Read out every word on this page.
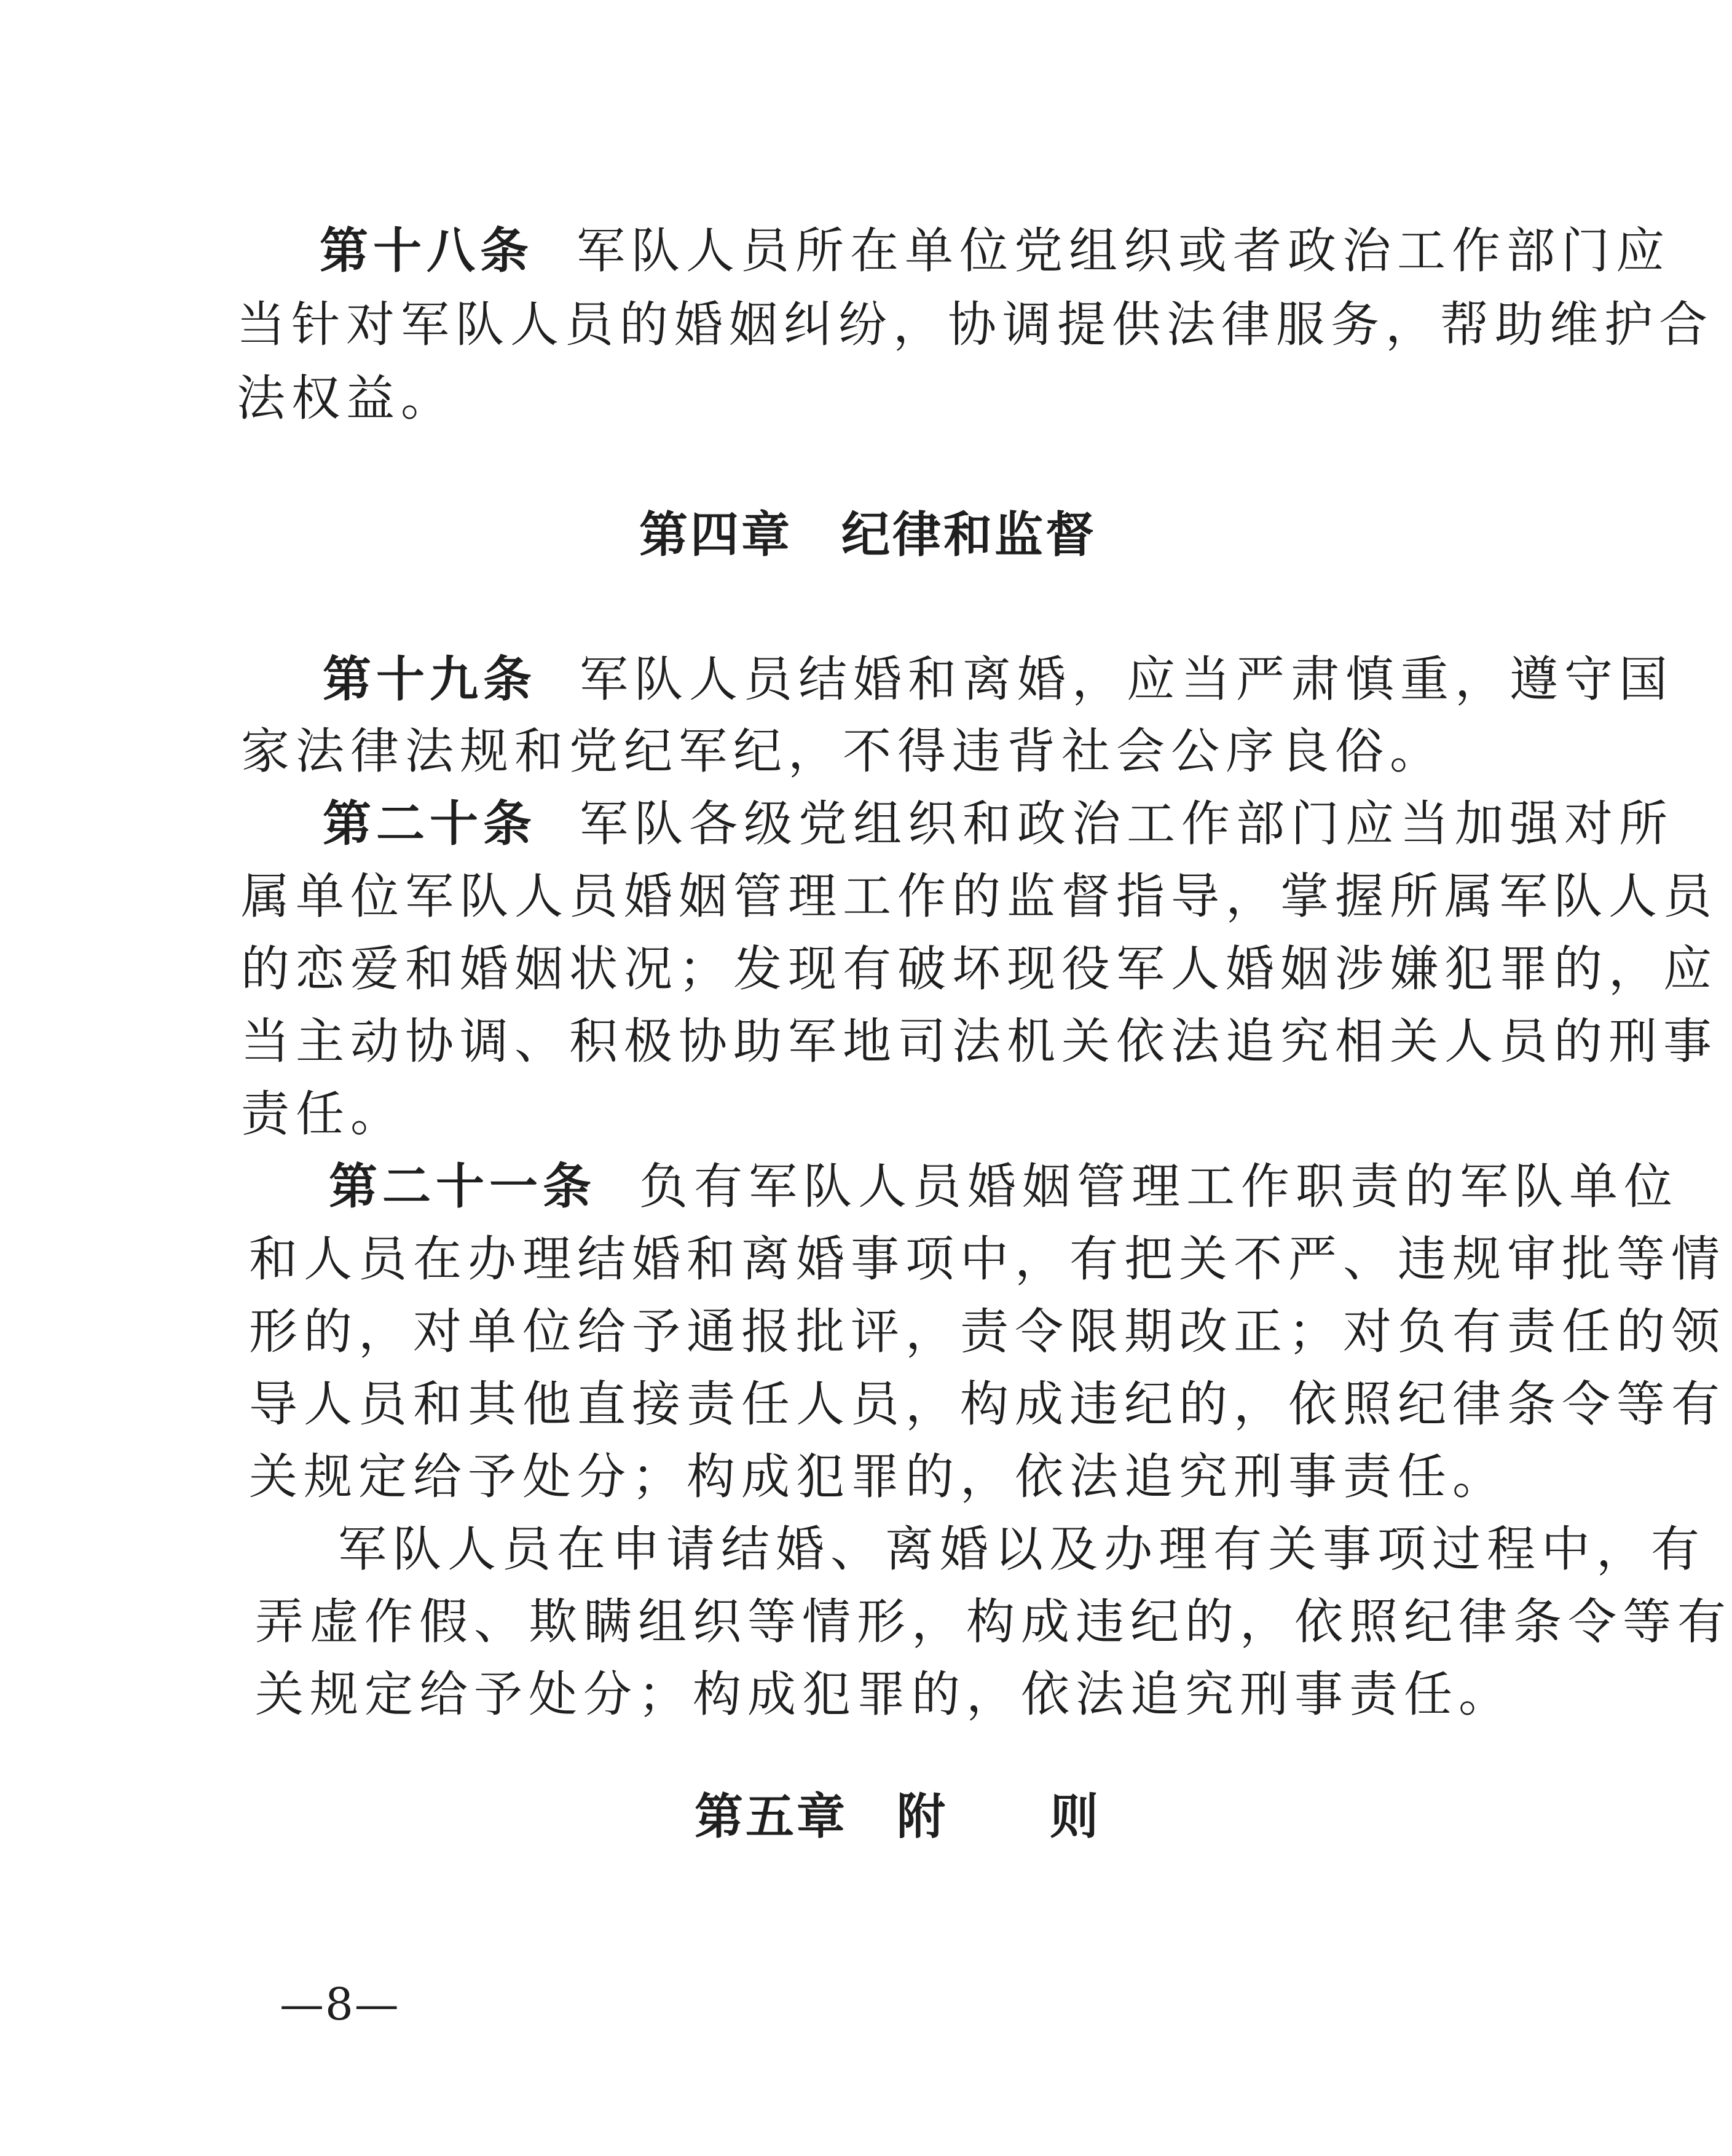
第十八条 军队人员所在单位党组织或者政治工作部门应
当针对军队人员的婚姻纠纷，协调提供法律服务，帮助维护合
法权益。
第四章 纪律和监督
第十九条 军队人员结婚和离婚，应当严肃慎重，遵守国
家法律法规和党纪军纪，不得违背社会公序良俗。
第二十条 军队各级党组织和政治工作部门应当加强对所
属单位军队人员婚姻管理工作的监督指导，掌握所属军队人员
的恋爱和婚姻状况；发现有破坏现役军人婚姻涉嫌犯罪的，应
当主动协调、积极协助军地司法机关依法追究相关人员的刑事
责任。
第二十一条 负有军队人员婚姻管理工作职责的军队单位
和人员在办理结婚和离婚事项中，有把关不严、违规审批等情
形的，对单位给予通报批评，责令限期改正；对负有责任的领
导人员和其他直接责任人员，构成违纪的，依照纪律条令等有
关规定给予处分；构成犯罪的，依法追究刑事责任。
军队人员在申请结婚、离婚以及办理有关事项过程中，有
弄虚作假、欺瞒组织等情形，构成违纪的，依照纪律条令等有
关规定给予处分；构成犯罪的，依法追究刑事责任。
第五章 附　　则
—8—
